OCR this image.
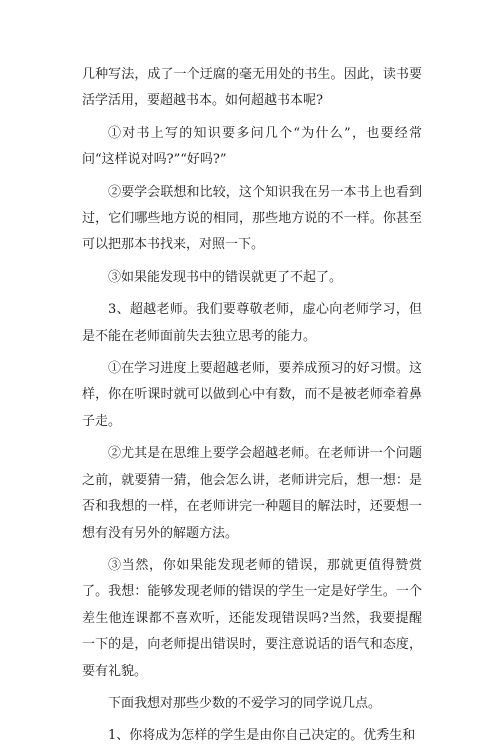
几种写法，成了一个迂腐的毫无用处的书生。因此，读书要活学活用，要超越书本。如何超越书本呢?

①对书上写的知识要多问几个“为什么”，也要经常问“这样说对吗?”“好吗?”

②要学会联想和比较，这个知识我在另一本书上也看到过，它们哪些地方说的相同，那些地方说的不一样。你甚至可以把那本书找来，对照一下。

③如果能发现书中的错误就更了不起了。

3、超越老师。我们要尊敬老师，虚心向老师学习，但是不能在老师面前失去独立思考的能力。

①在学习进度上要超越老师，要养成预习的好习惯。这样，你在听课时就可以做到心中有数，而不是被老师牵着鼻子走。

②尤其是在思维上要学会超越老师。在老师讲一个问题之前，就要猜一猜，他会怎么讲，老师讲完后，想一想：是否和我想的一样，在老师讲完一种题目的解法时，还要想一想有没有另外的解题方法。

③当然，你如果能发现老师的错误，那就更值得赞赏了。我想：能够发现老师的错误的学生一定是好学生。一个差生他连课都不喜欢听，还能发现错误吗?当然，我要提醒一下的是，向老师提出错误时，要注意说话的语气和态度，要有礼貌。

下面我想对那些少数的不爱学习的同学说几点。

1、你将成为怎样的学生是由你自己决定的。优秀生和
